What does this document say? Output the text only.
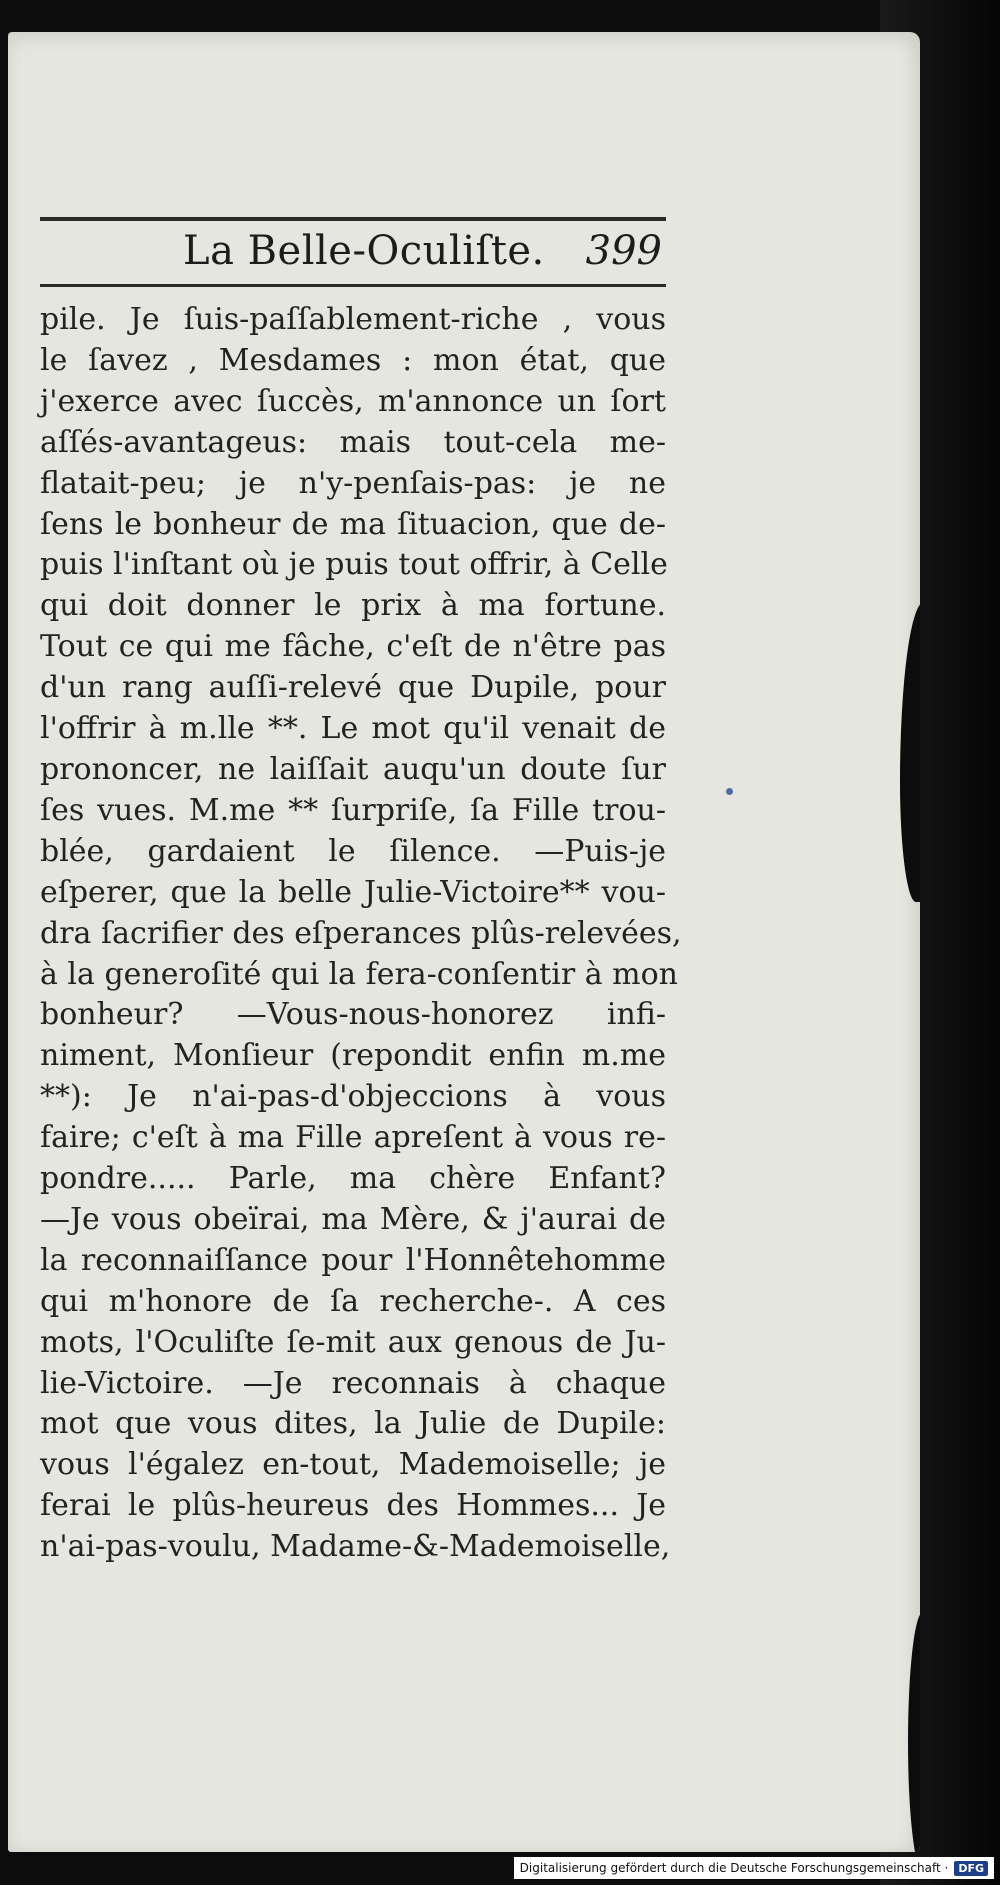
La Belle-Oculiſte. 399
pile. Je ſuis-paſſablement-riche , vous
le ſavez , Mesdames : mon état, que
j'exerce avec ſuccès, m'annonce un ſort
aſſés-avantageus: mais tout-cela me-
flatait-peu; je n'y-penſais-pas: je ne
ſens le bonheur de ma ſituacion, que de-
puis l'inſtant où je puis tout offrir, à Celle
qui doit donner le prix à ma fortune.
Tout ce qui me fâche, c'eſt de n'être pas
d'un rang auſſi-relevé que Dupile, pour
l'offrir à m.lle **. Le mot qu'il venait de
prononcer, ne laiſſait auqu'un doute ſur
ſes vues. M.me ** ſurpriſe, ſa Fille trou-
blée, gardaient le ſilence. —Puis-je
eſperer, que la belle Julie-Victoire** vou-
dra ſacrifier des eſperances plûs-relevées,
à la generoſité qui la fera-conſentir à mon
bonheur? —Vous-nous-honorez infi-
niment, Monſieur (repondit enfin m.me
**): Je n'ai-pas-d'objeccions à vous
faire; c'eſt à ma Fille apreſent à vous re-
pondre..... Parle, ma chère Enfant?
—Je vous obeïrai, ma Mère, & j'aurai de
la reconnaiſſance pour l'Honnêtehomme
qui m'honore de ſa recherche-. A ces
mots, l'Oculiſte ſe-mit aux genous de Ju-
lie-Victoire. —Je reconnais à chaque
mot que vous dites, la Julie de Dupile:
vous l'égalez en-tout, Mademoiselle; je
ferai le plûs-heureus des Hommes... Je
n'ai-pas-voulu, Madame-&-Mademoiselle,
Digitalisierung gefördert durch die Deutsche Forschungsgemeinschaft · DFG
